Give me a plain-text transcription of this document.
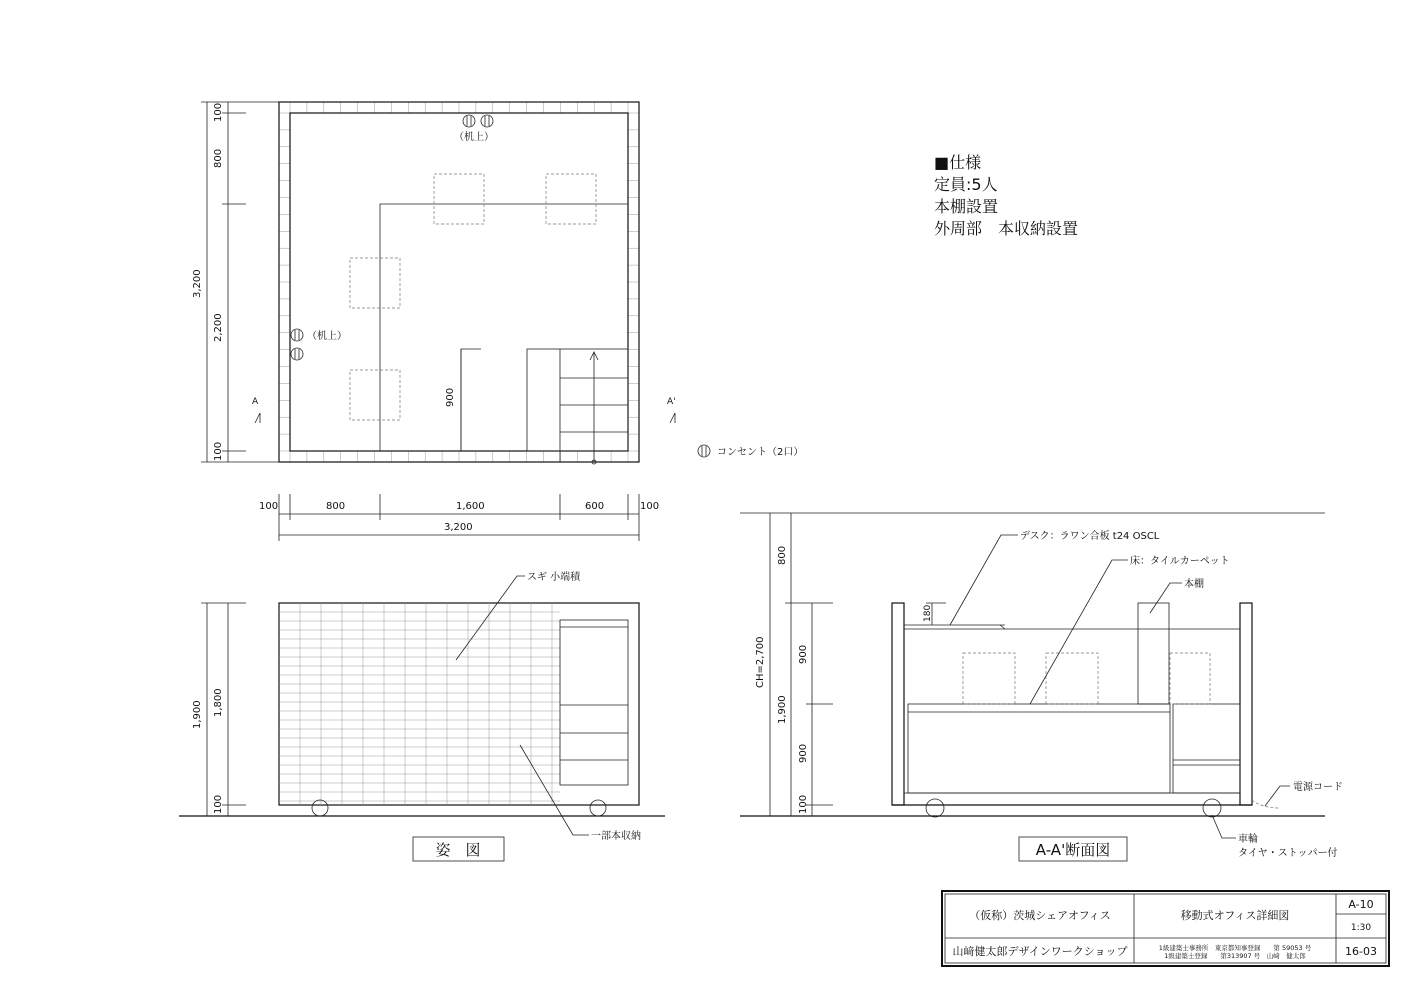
■仕様
定員:5人
本棚設置
外周部　本収納設置
（机上）
（机上）
900
A	A'
3,200
100
800
2,200
100
100	800	1,600	600	100
3,200
コンセント（2口）
スギ 小端積
一部本収納
1,900 1,800
100
姿　図
デスク：ラワン合板 t24 OSCL
床：タイルカーペット
本棚
電源コード
車輪
タイヤ・ストッパー付
CH=2,700
800
1,900
900
900
100
180
A-A'断面図
（仮称）茨城シェアオフィス	移動式オフィス詳細図
A-10
1:30
山﨑健太郎デザインワークショップ	1級建築士事務所　東京都知事登録　　第 59053 号
1級建築士登録　　第313907 号　山﨑　健太郎	16-03
